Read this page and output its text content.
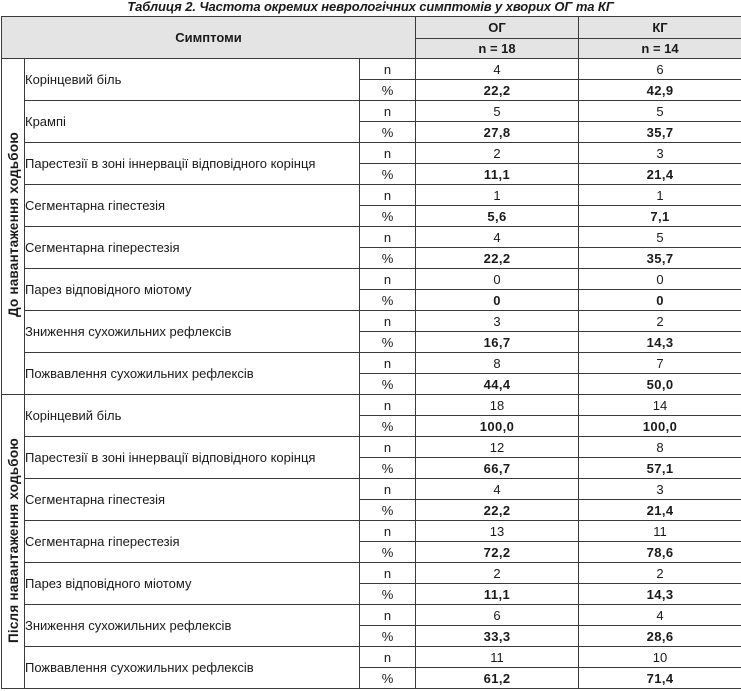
Таблиця 2. Частота окремих неврологічних симптомів у хворих ОГ та КГ
Симптоми			ОГ	КГ
			n = 18	n = 14
До навантаження ходьбою	Корінцевий біль	n	4	6
		%	22,2	42,9
	Крампі	n	5	5
		%	27,8	35,7
	Парестезії в зоні іннервації відповідного корінця	n	2	3
		%	11,1	21,4
	Сегментарна гіпестезія	n	1	1
		%	5,6	7,1
	Сегментарна гіперестезія	n	4	5
		%	22,2	35,7
	Парез відповідного міотому	n	0	0
		%	0	0
	Зниження сухожильних рефлексів	n	3	2
		%	16,7	14,3
	Пожвавлення сухожильних рефлексів	n	8	7
		%	44,4	50,0
Після навантаження ходьбою	Корінцевий біль	n	18	14
		%	100,0	100,0
	Парестезії в зоні іннервації відповідного корінця	n	12	8
		%	66,7	57,1
	Сегментарна гіпестезія	n	4	3
		%	22,2	21,4
	Сегментарна гіперестезія	n	13	11
		%	72,2	78,6
	Парез відповідного міотому	n	2	2
		%	11,1	14,3
	Зниження сухожильних рефлексів	n	6	4
		%	33,3	28,6
	Пожвавлення сухожильних рефлексів	n	11	10
		%	61,2	71,4
